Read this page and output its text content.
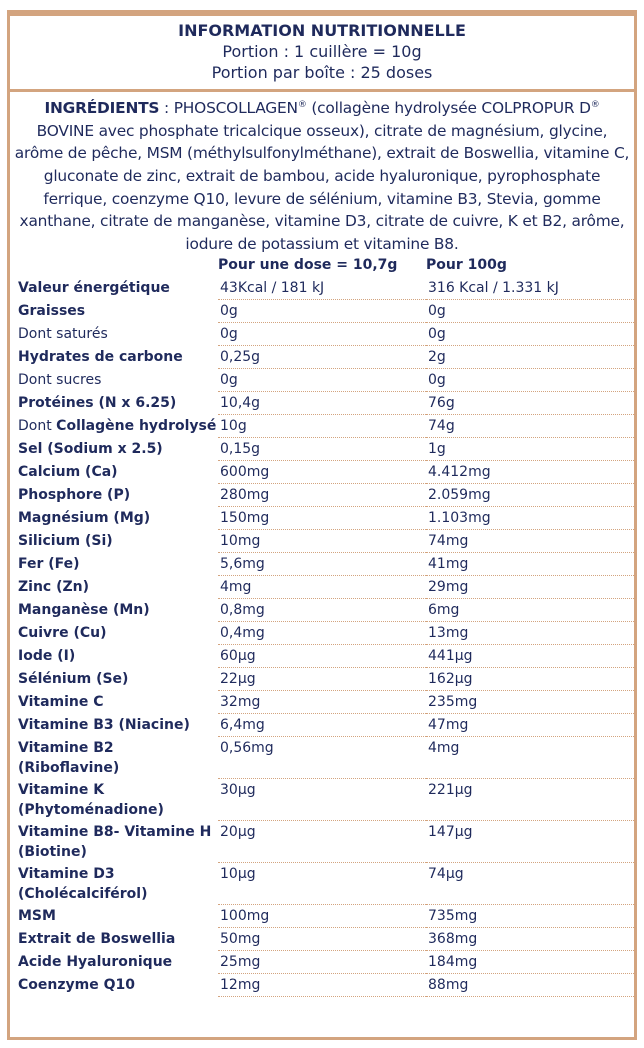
INFORMATION NUTRITIONNELLE
Portion : 1 cuillère = 10g
Portion par boîte : 25 doses
INGRÉDIENTS : PHOSCOLLAGEN® (collagène hydrolysée COLPROPUR D® BOVINE avec phosphate tricalcique osseux), citrate de magnésium, glycine, arôme de pêche, MSM (méthylsulfonylméthane), extrait de Boswellia, vitamine C, gluconate de zinc, extrait de bambou, acide hyaluronique, pyrophosphate ferrique, coenzyme Q10, levure de sélénium, vitamine B3, Stevia, gomme xanthane, citrate de manganèse, vitamine D3, citrate de cuivre, K et B2, arôme, iodure de potassium et vitamine B8.
	Pour une dose = 10,7g	Pour 100g
Valeur énergétique	43Kcal / 181 kJ	316 Kcal / 1.331 kJ
Graisses	0g	0g
Dont saturés	0g	0g
Hydrates de carbone	0,25g	2g
Dont sucres	0g	0g
Protéines (N x 6.25)	10,4g	76g
Dont Collagène hydrolysé	10g	74g
Sel (Sodium x 2.5)	0,15g	1g
Calcium (Ca)	600mg	4.412mg
Phosphore (P)	280mg	2.059mg
Magnésium (Mg)	150mg	1.103mg
Silicium (Si)	10mg	74mg
Fer (Fe)	5,6mg	41mg
Zinc (Zn)	4mg	29mg
Manganèse (Mn)	0,8mg	6mg
Cuivre (Cu)	0,4mg	13mg
Iode (I)	60µg	441µg
Sélénium (Se)	22µg	162µg
Vitamine C	32mg	235mg
Vitamine B3 (Niacine)	6,4mg	47mg
Vitamine B2 (Riboflavine)	0,56mg	4mg
Vitamine K (Phytoménadione)	30µg	221µg
Vitamine B8- Vitamine H (Biotine)	20µg	147µg
Vitamine D3 (Cholécalciférol)	10µg	74µg
MSM	100mg	735mg
Extrait de Boswellia	50mg	368mg
Acide Hyaluronique	25mg	184mg
Coenzyme Q10	12mg	88mg
